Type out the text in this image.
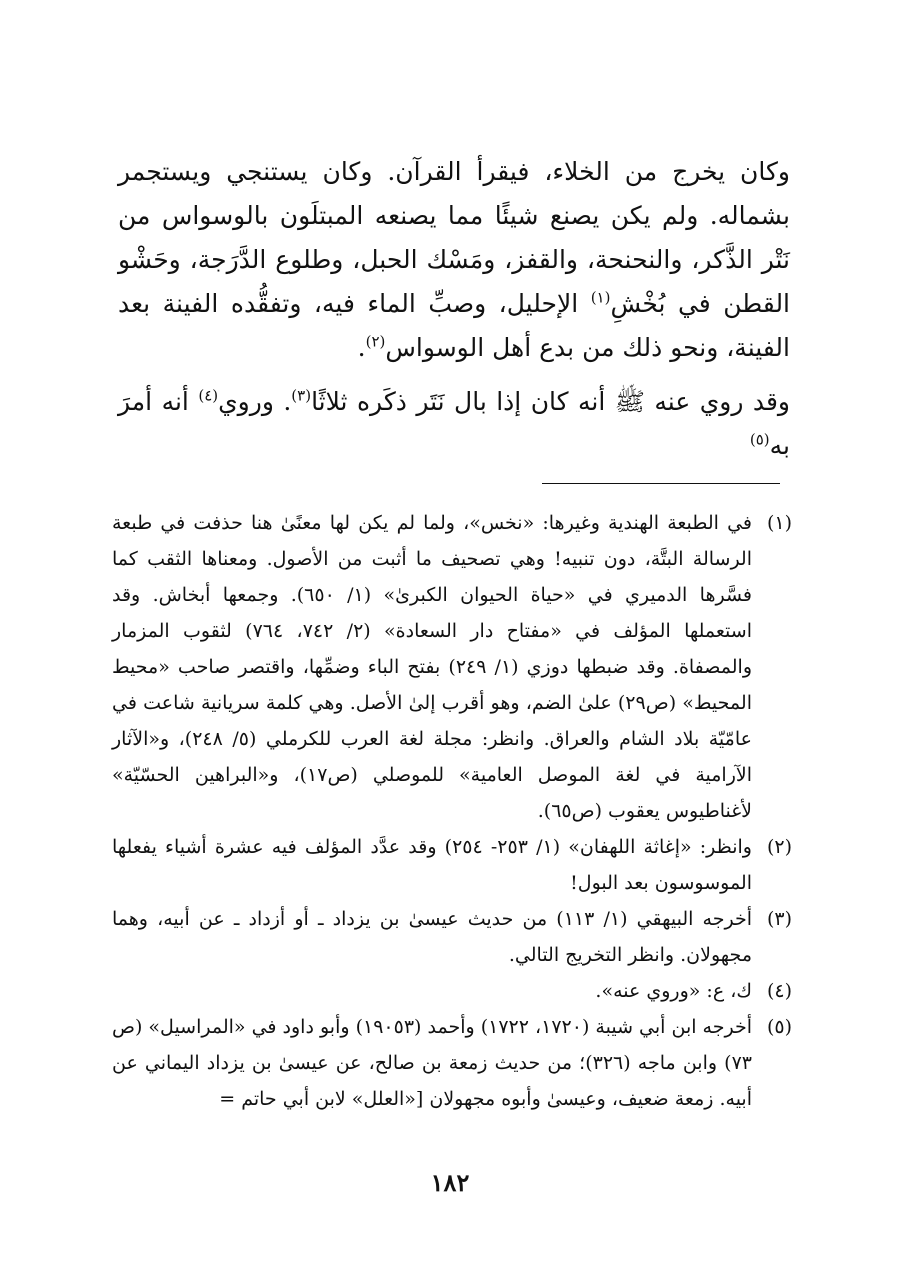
وكان يخرج من الخلاء، فيقرأ القرآن. وكان يستنجي ويستجمر بشماله. ولم يكن يصنع شيئًا مما يصنعه المبتلَون بالوسواس من نَتْر الذَّكر، والنحنحة، والقفز، ومَسْك الحبل، وطلوع الدَّرَجة، وحَشْو القطن في بُخْشِ$^{(١)}$ الإحليل، وصبِّ الماء فيه، وتفقُّده الفينة بعد الفينة، ونحو ذلك من بدع أهل الوسواس$^{(٢)}$.

وقد روي عنه ﷺ أنه كان إذا بال نَتَر ذكَره ثلاثًا$^{(٣)}$. وروي$^{(٤)}$ أنه أمرَ به$^{(٥)}$

(١)
في الطبعة الهندية وغيرها: «نخس»، ولما لم يكن لها معنًىٰ هنا حذفت في طبعة الرسالة البتَّة، دون تنبيه! وهي تصحيف ما أثبت من الأصول. ومعناها الثقب كما فسَّرها الدميري في «حياة الحيوان الكبرىٰ» (١/ ٦٥٠). وجمعها أبخاش. وقد استعملها المؤلف في «مفتاح دار السعادة» (٢/ ٧٤٢، ٧٦٤) لثقوب المزمار والمصفاة. وقد ضبطها دوزي (١/ ٢٤٩) بفتح الباء وضمِّها، واقتصر صاحب «محيط المحيط» (ص٢٩) علىٰ الضم، وهو أقرب إلىٰ الأصل. وهي كلمة سريانية شاعت في عامّيّة بلاد الشام والعراق. وانظر: مجلة لغة العرب للكرملي (٥/ ٢٤٨)، و«الآثار الآرامية في لغة الموصل العامية» للموصلي (ص١٧)، و«البراهين الحسّيّة» لأغناطيوس يعقوب (ص٦٥).
(٢)
وانظر: «إغاثة اللهفان» (١/ ٢٥٣- ٢٥٤) وقد عدَّد المؤلف فيه عشرة أشياء يفعلها الموسوسون بعد البول!
(٣)
أخرجه البيهقي (١/ ١١٣) من حديث عيسىٰ بن يزداد ـ أو أزداد ـ عن أبيه، وهما مجهولان. وانظر التخريج التالي.
(٤)
ك، ع: «وروي عنه».
(٥)
أخرجه ابن أبي شيبة (١٧٢٠، ١٧٢٢) وأحمد (١٩٠٥٣) وأبو داود في «المراسيل» (ص ٧٣) وابن ماجه (٣٢٦)؛ من حديث زمعة بن صالح، عن عيسىٰ بن يزداد اليماني عن أبيه. زمعة ضعيف، وعيسىٰ وأبوه مجهولان [«العلل» لابن أبي حاتم =
١٨٢
